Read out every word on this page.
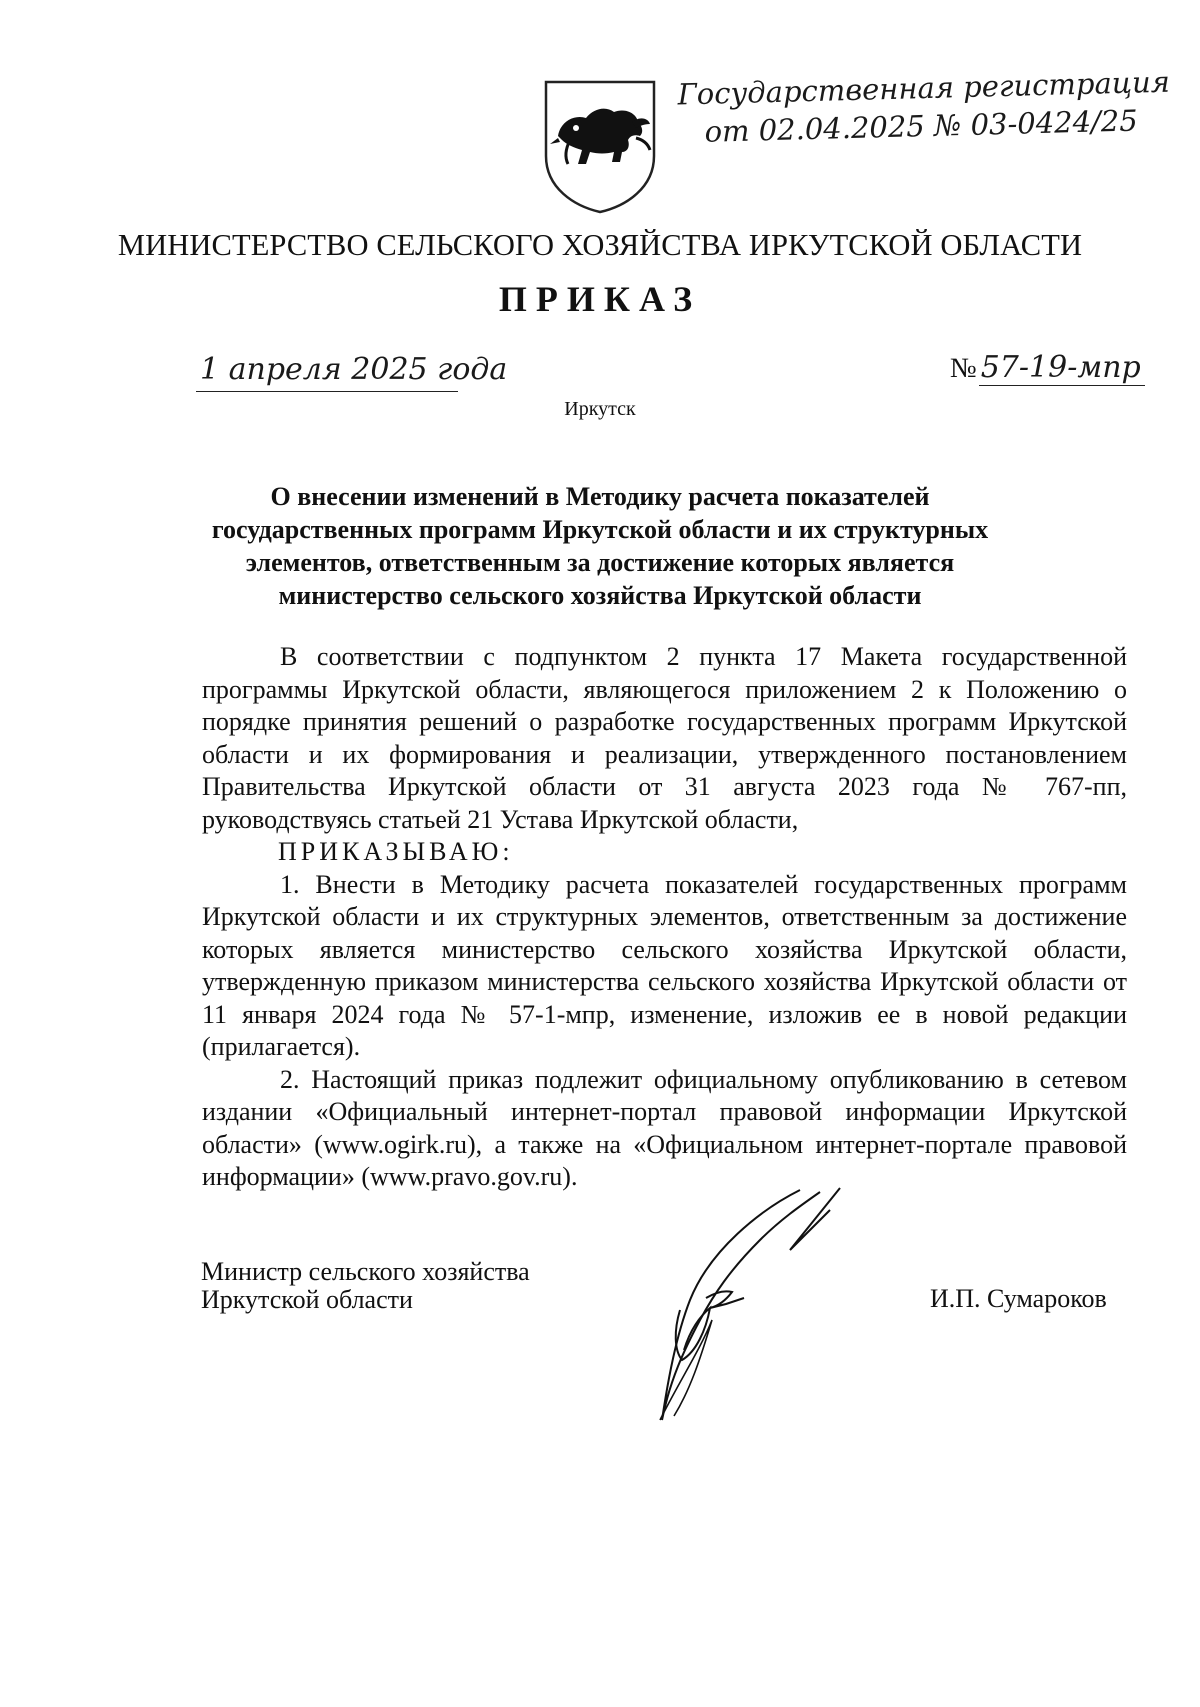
Государственная регистрация
от 02.04.2025 № 03-0424/25
МИНИСТЕРСТВО СЕЛЬСКОГО ХОЗЯЙСТВА ИРКУТСКОЙ ОБЛАСТИ
ПРИКАЗ
1 апреля 2025 года	№ 57-19-мпр
Иркутск
О внесении изменений в Методику расчета показателей государственных программ Иркутской области и их структурных элементов, ответственным за достижение которых является министерство сельского хозяйства Иркутской области

В соответствии с подпунктом 2 пункта 17 Макета государственной программы Иркутской области, являющегося приложением 2 к Положению о порядке принятия решений о разработке государственных программ Иркутской области и их формирования и реализации, утвержденного постановлением Правительства Иркутской области от 31 августа 2023 года № 767-пп, руководствуясь статьей 21 Устава Иркутской области,

ПРИКАЗЫВАЮ:

1. Внести в Методику расчета показателей государственных программ Иркутской области и их структурных элементов, ответственным за достижение которых является министерство сельского хозяйства Иркутской области, утвержденную приказом министерства сельского хозяйства Иркутской области от 11 января 2024 года № 57-1-мпр, изменение, изложив ее в новой редакции (прилагается).

2. Настоящий приказ подлежит официальному опубликованию в сетевом издании «Официальный интернет-портал правовой информации Иркутской области» (www.ogirk.ru), а также на «Официальном интернет-портале правовой информации» (www.pravo.gov.ru).

Министр сельского хозяйства
Иркутской области	И.П. Сумароков
